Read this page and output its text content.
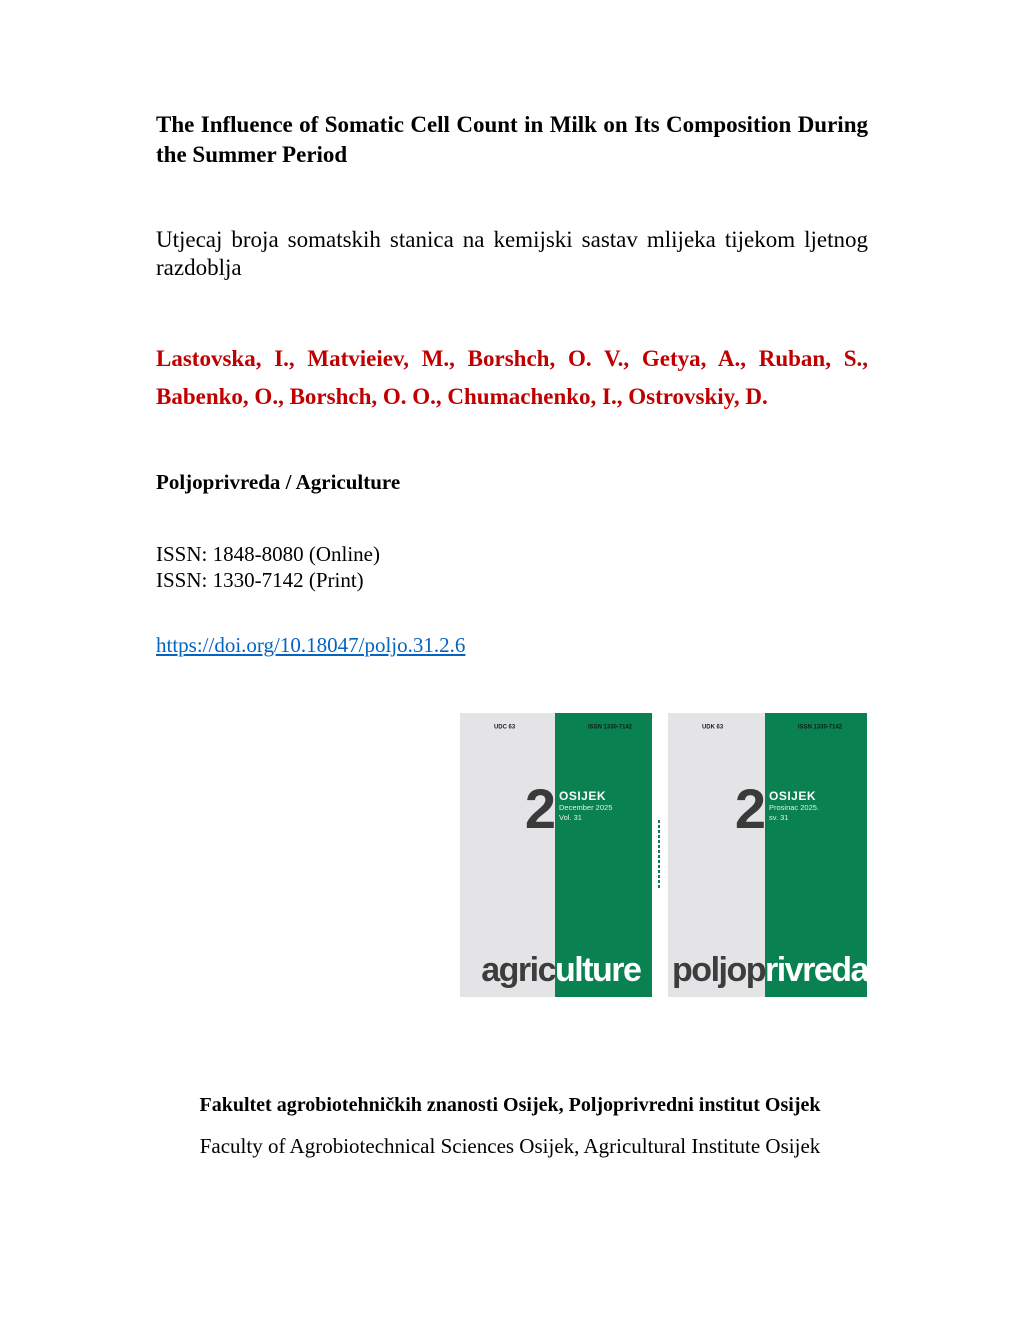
The Influence of Somatic Cell Count in Milk on Its Composition During the Summer Period
Utjecaj broja somatskih stanica na kemijski sastav mlijeka tijekom ljetnog razdoblja
Lastovska, I., Matvieiev, M., Borshch, O. V., Getya, A., Ruban, S., Babenko, O., Borshch, O. O., Chumachenko, I., Ostrovskiy, D.
Poljoprivreda / Agriculture
ISSN: 1848-8080 (Online)
ISSN: 1330-7142 (Print)
https://doi.org/10.18047/poljo.31.2.6
UDC 63	ISSN 1330-7142	UDK 63	ISSN 1330-7142
2 OSIJEK
December 2025
Vol. 31	2 OSIJEK
Prosinac 2025.
sv. 31
agric ulture poljop rivreda
Fakultet agrobiotehničkih znanosti Osijek, Poljoprivredni institut Osijek
Faculty of Agrobiotechnical Sciences Osijek, Agricultural Institute Osijek
